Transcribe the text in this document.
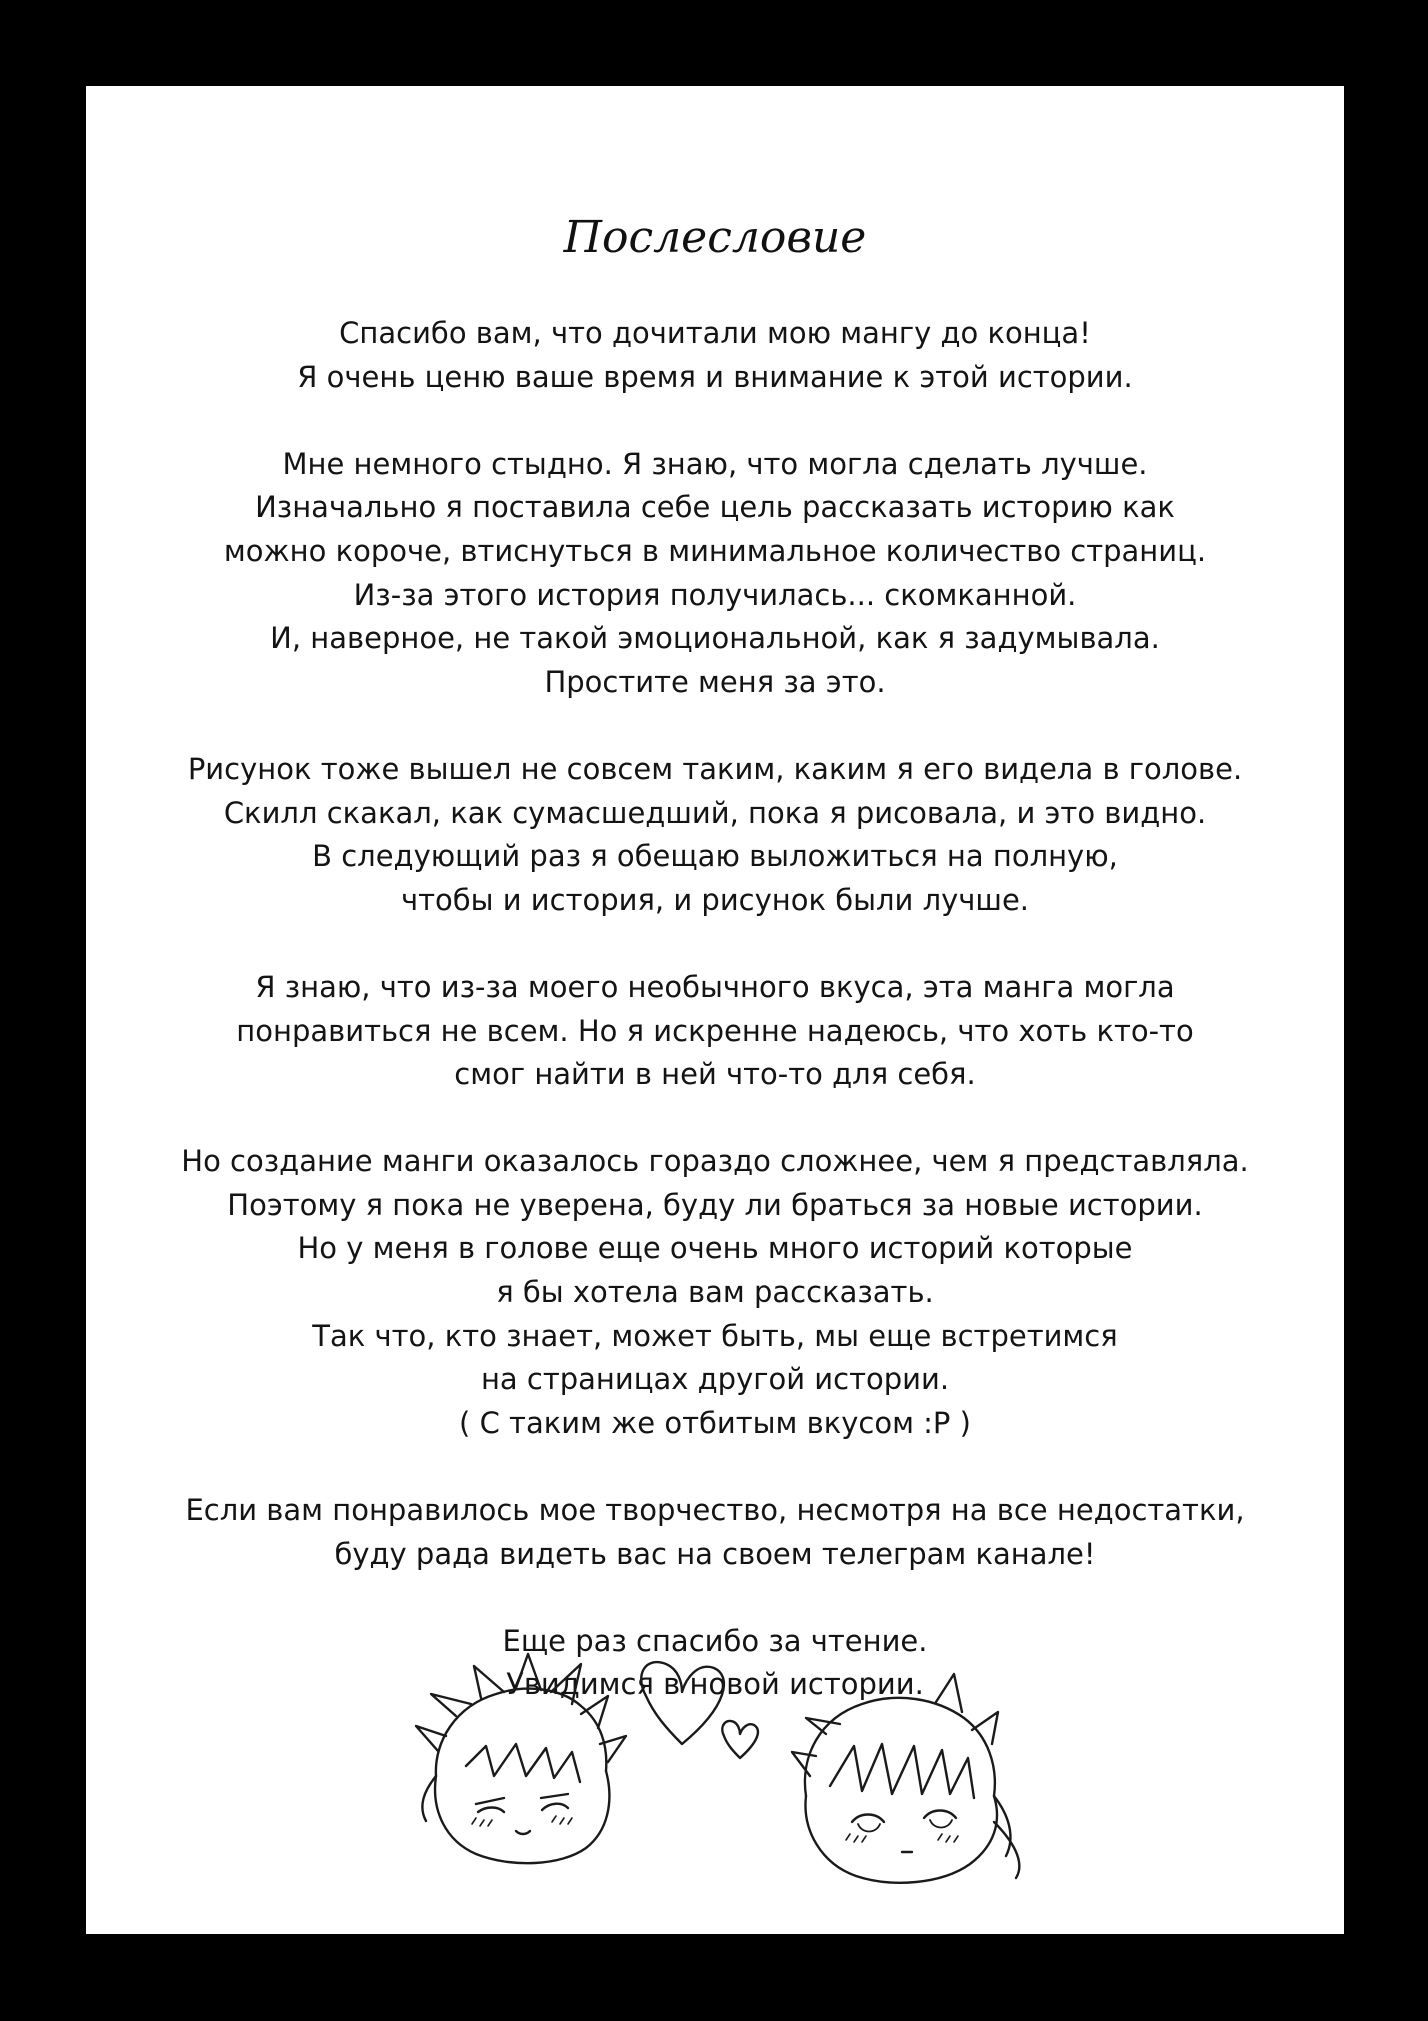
Послесловие

Спасибо вам, что дочитали мою мангу до конца!
Я очень ценю ваше время и внимание к этой истории.

Мне немного стыдно. Я знаю, что могла сделать лучше.
Изначально я поставила себе цель рассказать историю как
можно короче, втиснуться в минимальное количество страниц.
Из-за этого история получилась... скомканной.
И, наверное, не такой эмоциональной, как я задумывала.
Простите меня за это.

Рисунок тоже вышел не совсем таким, каким я его видела в голове.
Скилл скакал, как сумасшедший, пока я рисовала, и это видно.
В следующий раз я обещаю выложиться на полную,
чтобы и история, и рисунок были лучше.

Я знаю, что из-за моего необычного вкуса, эта манга могла
понравиться не всем. Но я искренне надеюсь, что хоть кто-то
смог найти в ней что-то для себя.

Но создание манги оказалось гораздо сложнее, чем я представляла.
Поэтому я пока не уверена, буду ли браться за новые истории.
Но у меня в голове еще очень много историй которые
я бы хотела вам рассказать.
Так что, кто знает, может быть, мы еще встретимся
на страницах другой истории.
( С таким же отбитым вкусом :P )

Если вам понравилось мое творчество, несмотря на все недостатки,
буду рада видеть вас на своем телеграм канале!

Еще раз спасибо за чтение.
Увидимся в новой истории.
